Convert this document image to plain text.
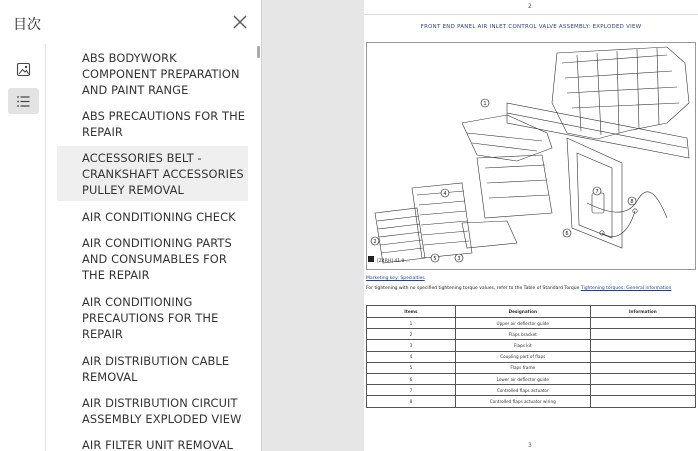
目次
ABS BODYWORK COMPONENT PREPARATION AND PAINT RANGE
ABS PRECAUTIONS FOR THE REPAIR
ACCESSORIES BELT - CRANKSHAFT ACCESSORIES PULLEY REMOVAL
AIR CONDITIONING CHECK
AIR CONDITIONING PARTS AND CONSUMABLES FOR THE REPAIR
AIR CONDITIONING PRECAUTIONS FOR THE REPAIR
AIR DISTRIBUTION CABLE REMOVAL
AIR DISTRIBUTION CIRCUIT ASSEMBLY EXPLODED VIEW
AIR FILTER UNIT REMOVAL
2
FRONT END PANEL AIR INLET CONTROL VALVE ASSEMBLY: EXPLODED VIEW
1
2
3
4
5
6
7
8
[Z4RH] 41.0 ...
Marketing key: Specialties
For tightening with no specified tightening torque values, refer to the Table of Standard Torque Tightening torques: General information
Items	Designation	Information
1	Upper air deflector guide	
2	Flaps bracket	
3	Flaps kit	
4	Coupling part of flaps	
5	Flaps frame	
6	Lower air deflector guide	
7	Controlled flaps actuator	
8	Controlled flaps actuator wiring	
3
